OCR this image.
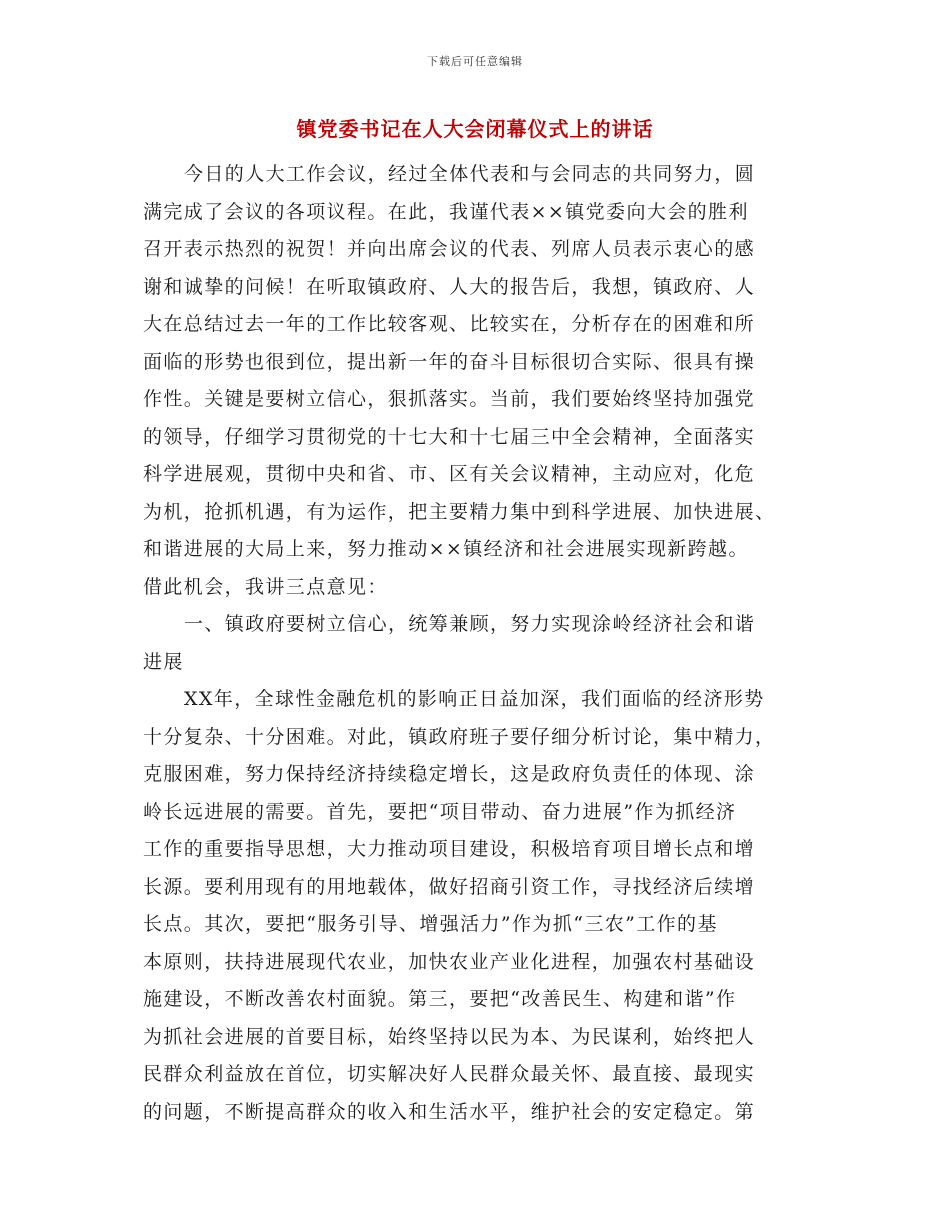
下载后可任意编辑
镇党委书记在人大会闭幕仪式上的讲话
今日的人大工作会议，经过全体代表和与会同志的共同努力，圆
满完成了会议的各项议程。在此，我谨代表××镇党委向大会的胜利
召开表示热烈的祝贺！并向出席会议的代表、列席人员表示衷心的感
谢和诚挚的问候！在听取镇政府、人大的报告后，我想，镇政府、人
大在总结过去一年的工作比较客观、比较实在，分析存在的困难和所
面临的形势也很到位，提出新一年的奋斗目标很切合实际、很具有操
作性。关键是要树立信心，狠抓落实。当前，我们要始终坚持加强党
的领导，仔细学习贯彻党的十七大和十七届三中全会精神，全面落实
科学进展观，贯彻中央和省、市、区有关会议精神，主动应对，化危
为机，抢抓机遇，有为运作，把主要精力集中到科学进展、加快进展、
和谐进展的大局上来，努力推动××镇经济和社会进展实现新跨越。
借此机会，我讲三点意见：
一、镇政府要树立信心，统筹兼顾，努力实现涂岭经济社会和谐
进展
XX年，全球性金融危机的影响正日益加深，我们面临的经济形势
十分复杂、十分困难。对此，镇政府班子要仔细分析讨论，集中精力，
克服困难，努力保持经济持续稳定增长，这是政府负责任的体现、涂
岭长远进展的需要。首先，要把“项目带动、奋力进展”作为抓经济
工作的重要指导思想，大力推动项目建设，积极培育项目增长点和增
长源。要利用现有的用地载体，做好招商引资工作，寻找经济后续增
长点。其次，要把“服务引导、增强活力”作为抓“三农”工作的基
本原则，扶持进展现代农业，加快农业产业化进程，加强农村基础设
施建设，不断改善农村面貌。第三，要把“改善民生、构建和谐”作
为抓社会进展的首要目标，始终坚持以民为本、为民谋利，始终把人
民群众利益放在首位，切实解决好人民群众最关怀、最直接、最现实
的问题，不断提高群众的收入和生活水平，维护社会的安定稳定。第
